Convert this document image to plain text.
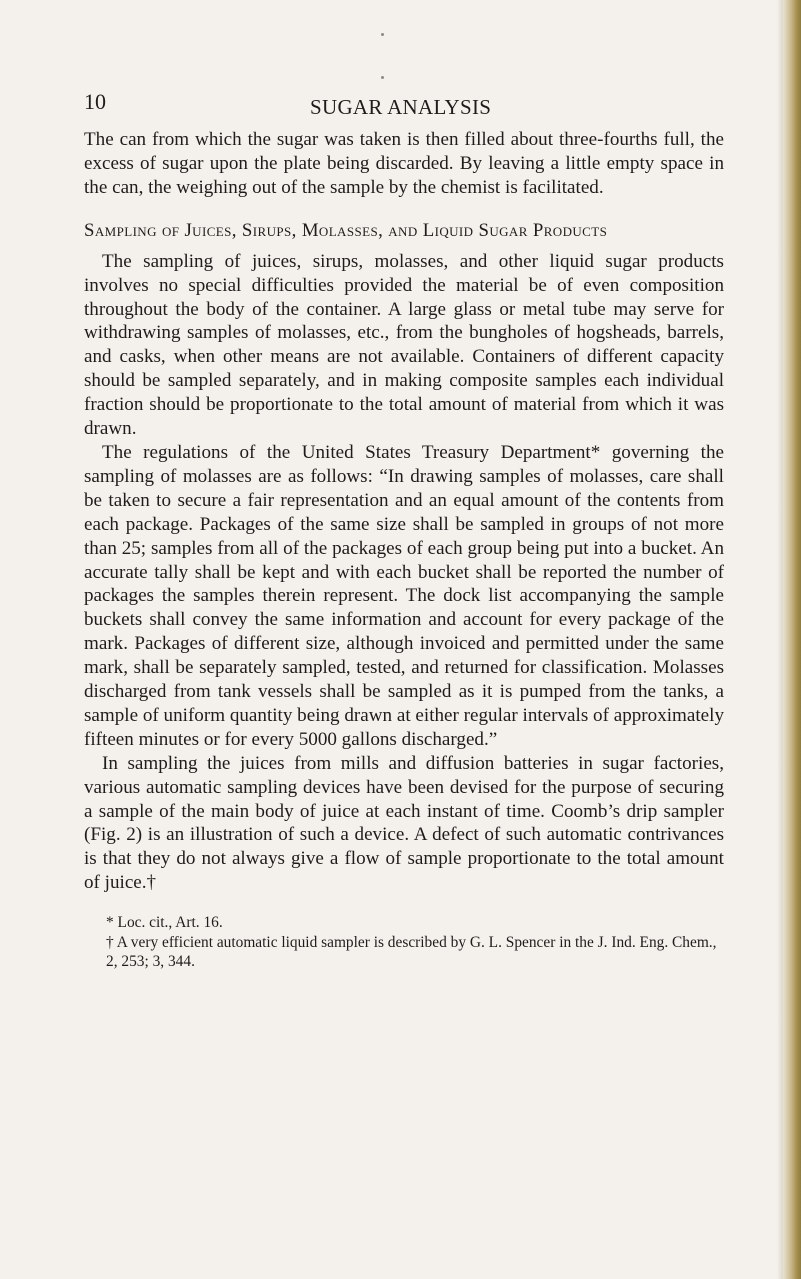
10	SUGAR ANALYSIS

The can from which the sugar was taken is then filled about three-fourths full, the excess of sugar upon the plate being discarded. By leaving a little empty space in the can, the weighing out of the sample by the chemist is facilitated.

Sampling of Juices, Sirups, Molasses, and Liquid Sugar Products

The sampling of juices, sirups, molasses, and other liquid sugar products involves no special difficulties provided the material be of even composition throughout the body of the container. A large glass or metal tube may serve for withdrawing samples of molasses, etc., from the bungholes of hogsheads, barrels, and casks, when other means are not available. Containers of different capacity should be sampled separately, and in making composite samples each individual fraction should be proportionate to the total amount of material from which it was drawn.

The regulations of the United States Treasury Department* governing the sampling of molasses are as follows: “In drawing samples of molasses, care shall be taken to secure a fair representation and an equal amount of the contents from each package. Packages of the same size shall be sampled in groups of not more than 25; samples from all of the packages of each group being put into a bucket. An accurate tally shall be kept and with each bucket shall be reported the number of packages the samples therein represent. The dock list accompanying the sample buckets shall convey the same information and account for every package of the mark. Packages of different size, although invoiced and permitted under the same mark, shall be separately sampled, tested, and returned for classification. Molasses discharged from tank vessels shall be sampled as it is pumped from the tanks, a sample of uniform quantity being drawn at either regular intervals of approximately fifteen minutes or for every 5000 gallons discharged.”

In sampling the juices from mills and diffusion batteries in sugar factories, various automatic sampling devices have been devised for the purpose of securing a sample of the main body of juice at each instant of time. Coomb’s drip sampler (Fig. 2) is an illustration of such a device. A defect of such automatic contrivances is that they do not always give a flow of sample proportionate to the total amount of juice.†

* Loc. cit., Art. 16.

† A very efficient automatic liquid sampler is described by G. L. Spencer in the J. Ind. Eng. Chem., 2, 253; 3, 344.
